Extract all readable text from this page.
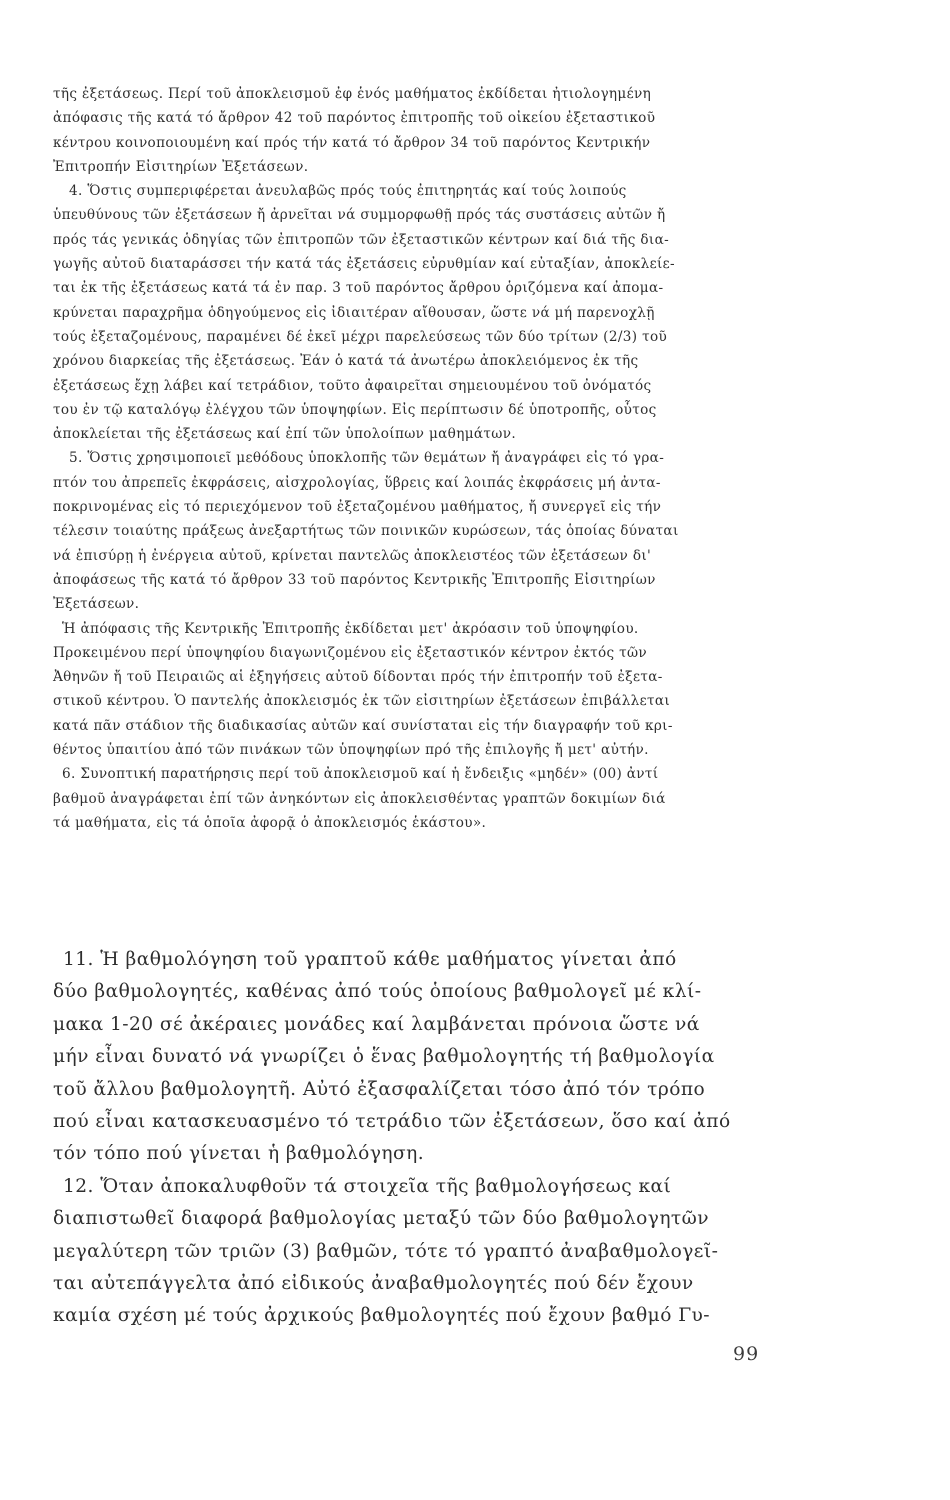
τῆς ἐξετάσεως. Περί τοῦ ἀποκλεισμοῦ ἐφ ἑνός μαθήματος ἐκδίδεται ἠτιολογημένη
ἀπόφασις τῆς κατά τό ἄρθρον 42 τοῦ παρόντος ἐπιτροπῆς τοῦ οἰκείου ἐξεταστικοῦ
κέντρου κοινοποιουμένη καί πρός τήν κατά τό ἄρθρον 34 τοῦ παρόντος Κεντρικήν
Ἐπιτροπήν Εἰσιτηρίων Ἐξετάσεων.
4. Ὅστις συμπεριφέρεται ἀνευλαβῶς πρός τούς ἐπιτηρητάς καί τούς λοιπούς
ὑπευθύνους τῶν ἐξετάσεων ἤ ἀρνεῖται νά συμμορφωθῇ πρός τάς συστάσεις αὐτῶν ἤ
πρός τάς γενικάς ὁδηγίας τῶν ἐπιτροπῶν τῶν ἐξεταστικῶν κέντρων καί διά τῆς δια-
γωγῆς αὐτοῦ διαταράσσει τήν κατά τάς ἐξετάσεις εὐρυθμίαν καί εὐταξίαν, ἀποκλείε-
ται ἐκ τῆς ἐξετάσεως κατά τά ἐν παρ. 3 τοῦ παρόντος ἄρθρου ὁριζόμενα καί ἀπομα-
κρύνεται παραχρῆμα ὁδηγούμενος εἰς ἰδιαιτέραν αἴθουσαν, ὥστε νά μή παρενοχλῇ
τούς ἐξεταζομένους, παραμένει δέ ἐκεῖ μέχρι παρελεύσεως τῶν δύο τρίτων (2/3) τοῦ
χρόνου διαρκείας τῆς ἐξετάσεως. Ἐάν ὁ κατά τά ἀνωτέρω ἀποκλειόμενος ἐκ τῆς
ἐξετάσεως ἔχῃ λάβει καί τετράδιον, τοῦτο ἀφαιρεῖται σημειουμένου τοῦ ὀνόματός
του ἐν τῷ καταλόγῳ ἐλέγχου τῶν ὑποψηφίων. Εἰς περίπτωσιν δέ ὑποτροπῆς, οὗτος
ἀποκλείεται τῆς ἐξετάσεως καί ἐπί τῶν ὑπολοίπων μαθημάτων.
5. Ὅστις χρησιμοποιεῖ μεθόδους ὑποκλοπῆς τῶν θεμάτων ἤ ἀναγράφει εἰς τό γρα-
πτόν του ἀπρεπεῖς ἐκφράσεις, αἰσχρολογίας, ὕβρεις καί λοιπάς ἐκφράσεις μή ἀντα-
ποκρινομένας εἰς τό περιεχόμενον τοῦ ἐξεταζομένου μαθήματος, ἤ συνεργεῖ εἰς τήν
τέλεσιν τοιαύτης πράξεως ἀνεξαρτήτως τῶν ποινικῶν κυρώσεων, τάς ὁποίας δύναται
νά ἐπισύρῃ ἡ ἐνέργεια αὐτοῦ, κρίνεται παντελῶς ἀποκλειστέος τῶν ἐξετάσεων δι'
ἀποφάσεως τῆς κατά τό ἄρθρον 33 τοῦ παρόντος Κεντρικῆς Ἐπιτροπῆς Εἰσιτηρίων
Ἐξετάσεων.
Ἡ ἀπόφασις τῆς Κεντρικῆς Ἐπιτροπῆς ἐκδίδεται μετ' ἀκρόασιν τοῦ ὑποψηφίου.
Προκειμένου περί ὑποψηφίου διαγωνιζομένου εἰς ἐξεταστικόν κέντρον ἐκτός τῶν
Ἀθηνῶν ἤ τοῦ Πειραιῶς αἱ ἐξηγήσεις αὐτοῦ δίδονται πρός τήν ἐπιτροπήν τοῦ ἐξετα-
στικοῦ κέντρου. Ὁ παντελής ἀποκλεισμός ἐκ τῶν εἰσιτηρίων ἐξετάσεων ἐπιβάλλεται
κατά πᾶν στάδιον τῆς διαδικασίας αὐτῶν καί συνίσταται εἰς τήν διαγραφήν τοῦ κρι-
θέντος ὑπαιτίου ἀπό τῶν πινάκων τῶν ὑποψηφίων πρό τῆς ἐπιλογῆς ἤ μετ' αὐτήν.
6. Συνοπτική παρατήρησις περί τοῦ ἀποκλεισμοῦ καί ἡ ἔνδειξις «μηδέν» (00) ἀντί
βαθμοῦ ἀναγράφεται ἐπί τῶν ἀνηκόντων εἰς ἀποκλεισθέντας γραπτῶν δοκιμίων διά
τά μαθήματα, εἰς τά ὁποῖα ἀφορᾷ ὁ ἀποκλεισμός ἑκάστου».
11. Ἡ βαθμολόγηση τοῦ γραπτοῦ κάθε μαθήματος γίνεται ἀπό
δύο βαθμολογητές, καθένας ἀπό τούς ὁποίους βαθμολογεῖ μέ κλί-
μακα 1-20 σέ ἀκέραιες μονάδες καί λαμβάνεται πρόνοια ὥστε νά
μήν εἶναι δυνατό νά γνωρίζει ὁ ἕνας βαθμολογητής τή βαθμολογία
τοῦ ἄλλου βαθμολογητῆ. Αὐτό ἐξασφαλίζεται τόσο ἀπό τόν τρόπο
πού εἶναι κατασκευασμένο τό τετράδιο τῶν ἐξετάσεων, ὅσο καί ἀπό
τόν τόπο πού γίνεται ἡ βαθμολόγηση.
12. Ὅταν ἀποκαλυφθοῦν τά στοιχεῖα τῆς βαθμολογήσεως καί
διαπιστωθεῖ διαφορά βαθμολογίας μεταξύ τῶν δύο βαθμολογητῶν
μεγαλύτερη τῶν τριῶν (3) βαθμῶν, τότε τό γραπτό ἀναβαθμολογεῖ-
ται αὐτεπάγγελτα ἀπό εἰδικούς ἀναβαθμολογητές πού δέν ἔχουν
καμία σχέση μέ τούς ἀρχικούς βαθμολογητές πού ἔχουν βαθμό Γυ-
99
